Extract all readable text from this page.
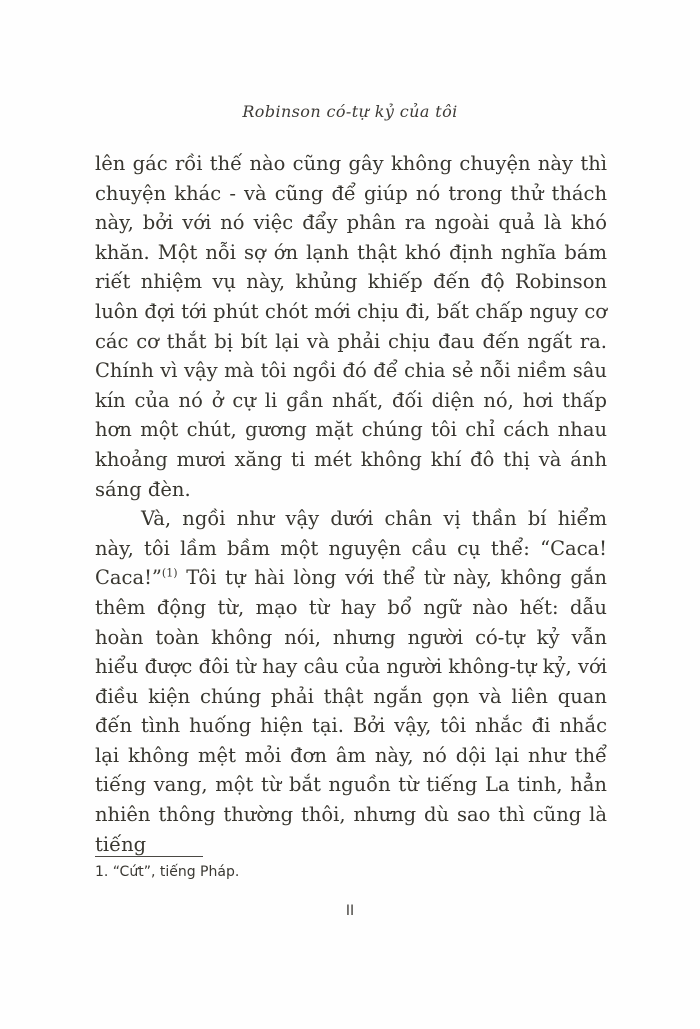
Robinson có-tự kỷ của tôi

lên gác rồi thế nào cũng gây không chuyện này thì chuyện khác - và cũng để giúp nó trong thử thách này, bởi với nó việc đẩy phân ra ngoài quả là khó khăn. Một nỗi sợ ớn lạnh thật khó định nghĩa bám riết nhiệm vụ này, khủng khiếp đến độ Robinson luôn đợi tới phút chót mới chịu đi, bất chấp nguy cơ các cơ thắt bị bít lại và phải chịu đau đến ngất ra. Chính vì vậy mà tôi ngồi đó để chia sẻ nỗi niềm sâu kín của nó ở cự li gần nhất, đối diện nó, hơi thấp hơn một chút, gương mặt chúng tôi chỉ cách nhau khoảng mươi xăng ti mét không khí đô thị và ánh sáng đèn.

Và, ngồi như vậy dưới chân vị thần bí hiểm này, tôi lầm bầm một nguyện cầu cụ thể: “Caca! Caca!”$^{(1)}$ Tôi tự hài lòng với thể từ này, không gắn thêm động từ, mạo từ hay bổ ngữ nào hết: dẫu hoàn toàn không nói, nhưng người có-tự kỷ vẫn hiểu được đôi từ hay câu của người không-tự kỷ, với điều kiện chúng phải thật ngắn gọn và liên quan đến tình huống hiện tại. Bởi vậy, tôi nhắc đi nhắc lại không mệt mỏi đơn âm này, nó dội lại như thể tiếng vang, một từ bắt nguồn từ tiếng La tinh, hẳn nhiên thông thường thôi, nhưng dù sao thì cũng là tiếng

1. “Cứt”, tiếng Pháp.
II
